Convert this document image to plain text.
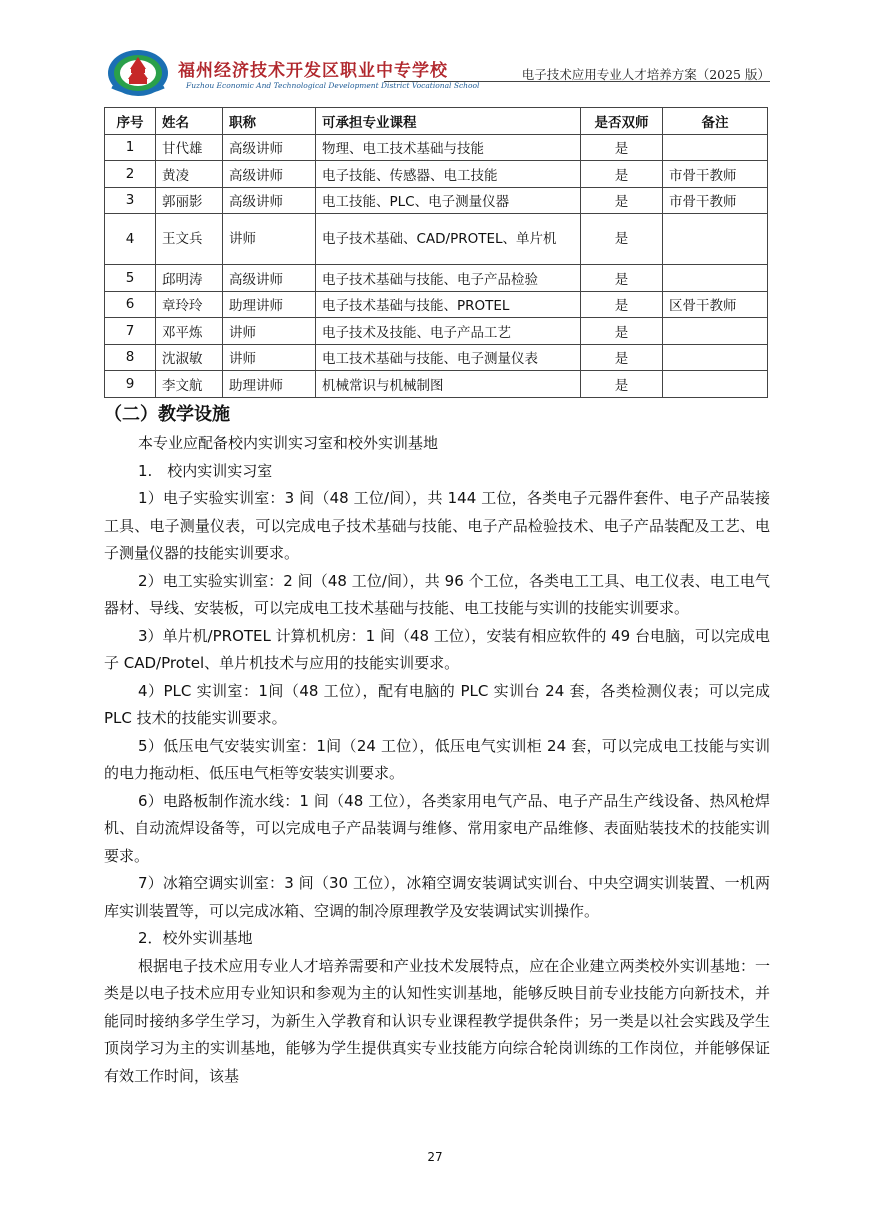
福州经济技术开发区职业中专学校
Fuzhou Economic And Technological Development District Vocational School
电子技术应用专业人才培养方案（2025 版）
序号	姓名	职称	可承担专业课程	是否双师	备注
1	甘代雄	高级讲师	物理、电工技术基础与技能	是	
2	黄凌	高级讲师	电子技能、传感器、电工技能	是	市骨干教师
3	郭丽影	高级讲师	电工技能、PLC、电子测量仪器	是	市骨干教师
4	王文兵	讲师	电子技术基础、CAD/PROTEL、单片机	是	
5	邱明涛	高级讲师	电子技术基础与技能、电子产品检验	是	
6	章玲玲	助理讲师	电子技术基础与技能、PROTEL	是	区骨干教师
7	邓平炼	讲师	电子技术及技能、电子产品工艺	是	
8	沈淑敏	讲师	电工技术基础与技能、电子测量仪表	是	
9	李文航	助理讲师	机械常识与机械制图	是	
（二）教学设施

本专业应配备校内实训实习室和校外实训基地

1.　校内实训实习室

1）电子实验实训室：3 间（48 工位/间），共 144 工位，各类电子元器件套件、电子产品装接工具、电子测量仪表，可以完成电子技术基础与技能、电子产品检验技术、电子产品装配及工艺、电子测量仪器的技能实训要求。

2）电工实验实训室：2 间（48 工位/间），共 96 个工位，各类电工工具、电工仪表、电工电气器材、导线、安装板，可以完成电工技术基础与技能、电工技能与实训的技能实训要求。

3）单片机/PROTEL 计算机机房：1 间（48 工位），安装有相应软件的 49 台电脑，可以完成电子 CAD/Protel、单片机技术与应用的技能实训要求。

4）PLC 实训室：1间（48 工位），配有电脑的 PLC 实训台 24 套，各类检测仪表；可以完成 PLC 技术的技能实训要求。

5）低压电气安装实训室：1间（24 工位），低压电气实训柜 24 套，可以完成电工技能与实训的电力拖动柜、低压电气柜等安装实训要求。

6）电路板制作流水线：1 间（48 工位），各类家用电气产品、电子产品生产线设备、热风枪焊机、自动流焊设备等，可以完成电子产品装调与维修、常用家电产品维修、表面贴装技术的技能实训要求。

7）冰箱空调实训室：3 间（30 工位），冰箱空调安装调试实训台、中央空调实训装置、一机两库实训装置等，可以完成冰箱、空调的制冷原理教学及安装调试实训操作。

2．校外实训基地

根据电子技术应用专业人才培养需要和产业技术发展特点，应在企业建立两类校外实训基地：一类是以电子技术应用专业知识和参观为主的认知性实训基地，能够反映目前专业技能方向新技术，并能同时接纳多学生学习，为新生入学教育和认识专业课程教学提供条件；另一类是以社会实践及学生顶岗学习为主的实训基地，能够为学生提供真实专业技能方向综合轮岗训练的工作岗位，并能够保证有效工作时间，该基

27
